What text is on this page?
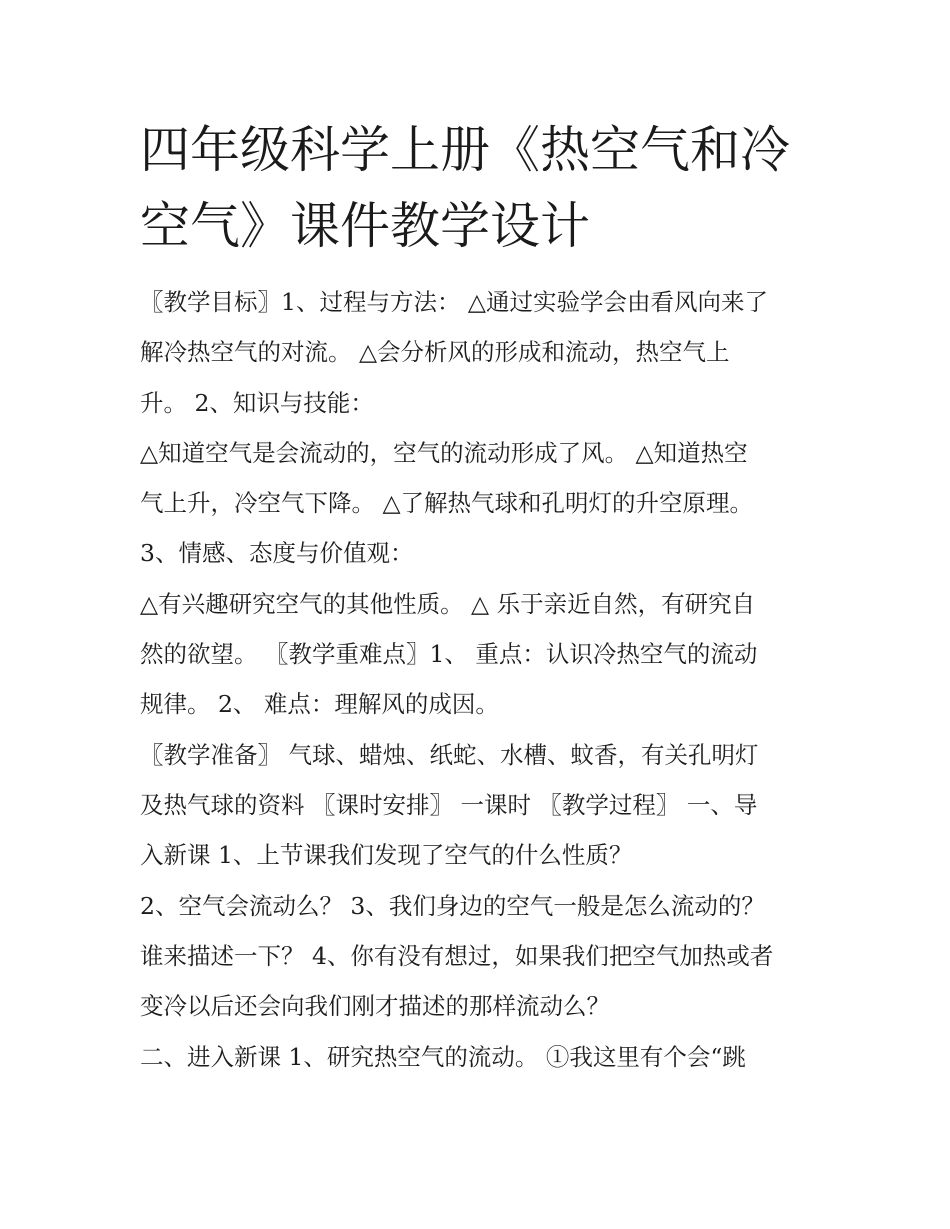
四年级科学上册《热空气和冷
空气》课件教学设计
〖教学目标〗1、过程与方法： △通过实验学会由看风向来了
解冷热空气的对流。 △会分析风的形成和流动，热空气上
升。 2、知识与技能：
△知道空气是会流动的，空气的流动形成了风。 △知道热空
气上升，冷空气下降。 △了解热气球和孔明灯的升空原理。
3、情感、态度与价值观：
△有兴趣研究空气的其他性质。 △ 乐于亲近自然，有研究自
然的欲望。 〖教学重难点〗1、 重点：认识冷热空气的流动
规律。 2、 难点：理解风的成因。
〖教学准备〗 气球、蜡烛、纸蛇、水槽、蚊香，有关孔明灯
及热气球的资料 〖课时安排〗 一课时 〖教学过程〗 一、导
入新课 1、上节课我们发现了空气的什么性质？
2、空气会流动么？ 3、我们身边的空气一般是怎么流动的？
谁来描述一下？ 4、你有没有想过，如果我们把空气加热或者
变冷以后还会向我们刚才描述的那样流动么？
二、进入新课 1、研究热空气的流动。 ①我这里有个会“跳
